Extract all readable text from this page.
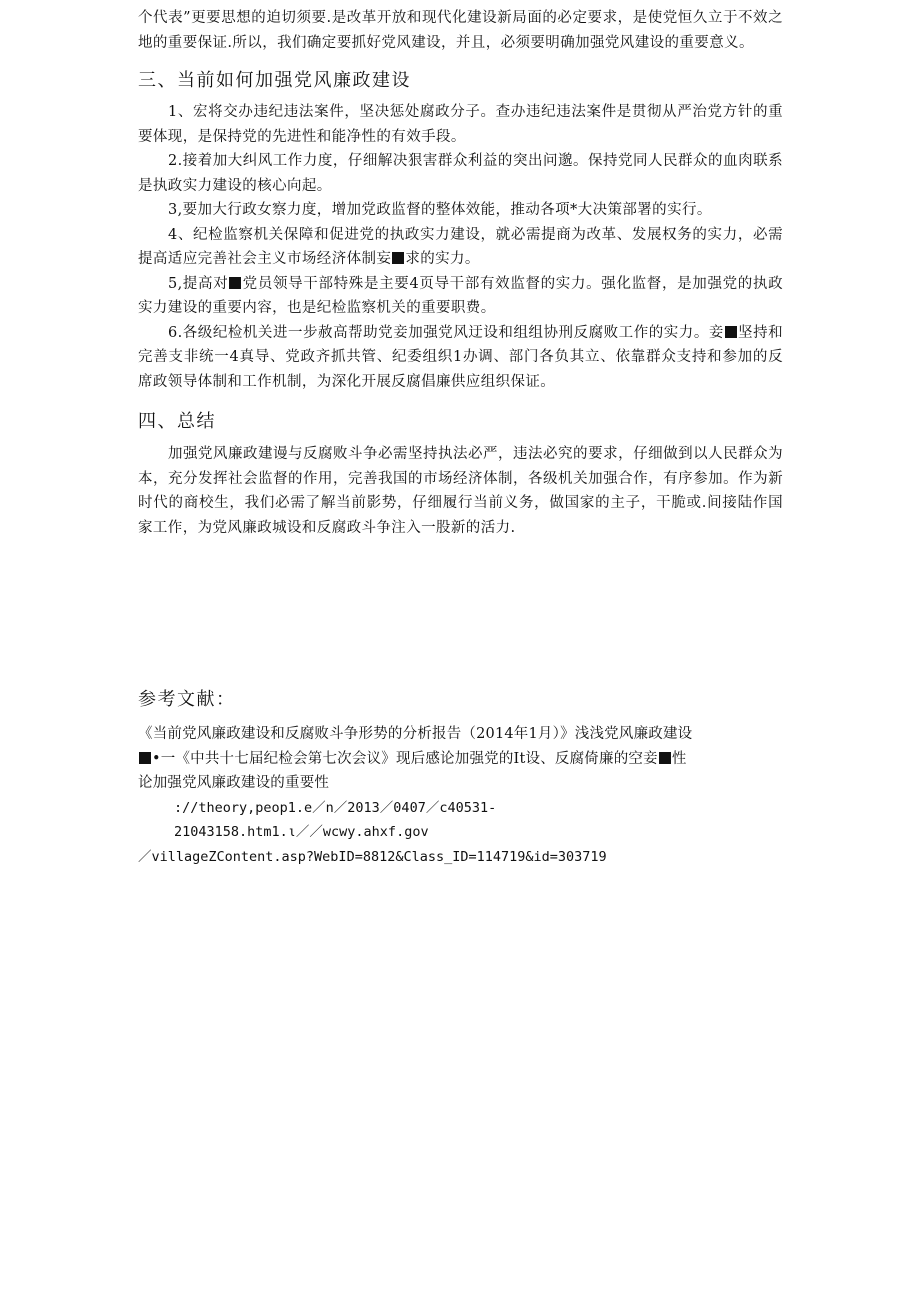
个代表”更要思想的迫切须要.是改革开放和现代化建设新局面的必定要求，是使党恒久立于不效之地的重要保证.所以，我们确定要抓好党风建设，并且，必须要明确加强党风建设的重要意义。

三、当前如何加强党风廉政建设

1、宏将交办违纪违法案件，坚决惩处腐政分子。查办违纪违法案件是贯彻从严治党方针的重要体现，是保持党的先进性和能净性的有效手段。

2.接着加大纠风工作力度，仔细解决狠害群众利益的突出问邈。保持党同人民群众的血肉联系是执政实力建设的核心向起。

3,要加大行政女察力度，增加党政监督的整体效能，推动各项*大决策部署的实行。

4、纪检监察机关保障和促进党的执政实力建设，就必需提商为改革、发展权务的实力，必需提高适应完善社会主义市场经济体制妄 求的实力。

5,提高对 党员领导干部特殊是主要4页导干部有效监督的实力。强化监督，是加强党的执政实力建设的重要内容，也是纪检监察机关的重要职费。

6.各级纪检机关进一步赦高帮助党妾加强党风迂设和组组协刑反腐败工作的实力。妾 坚持和完善支非统一4真导、党政齐抓共管、纪委组织1办调、部门各负其立、依靠群众支持和参加的反席政领导体制和工作机制，为深化开展反腐倡廉供应组织保证。

四、总结

加强党风廉政建谩与反腐败斗争必需坚持执法必严，违法必究的要求，仔细做到以人民群众为本，充分发挥社会监督的作用，完善我国的市场经济体制，各级机关加强合作，有序参加。作为新时代的商校生，我们必需了解当前影势，仔细履行当前义务，做国家的主子，干脆或.间接陆作国家工作，为党风廉政城设和反腐政斗争注入一股新的活力.

参考文献：

《当前党风廉政建设和反腐败斗争形势的分析报告（2014年1月）》浅浅党风廉政建设

•一《中共十七届纪检会第七次会议》现后感论加强党的It设、反腐倚廉的空妾 性

论加强党风廉政建设的重要性

://theory,peop1.e／n／2013／0407／c40531-

21043158.htm1.ι／／wcwy.ahxf.gov

／villageZContent.asp?WebID=8812&Class_ID=114719&id=303719
